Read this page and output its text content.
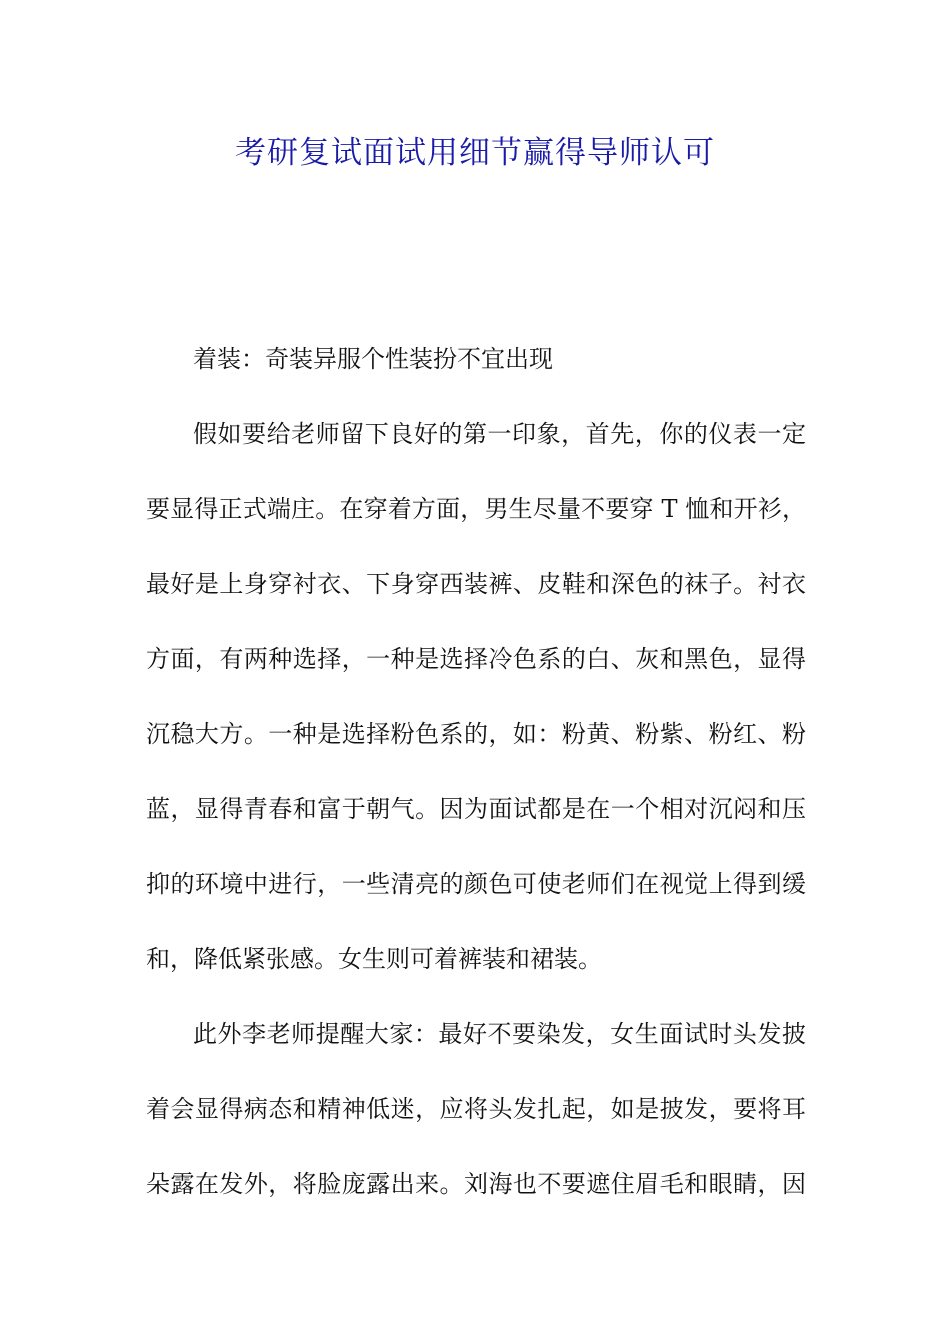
考研复试面试用细节赢得导师认可
着装：奇装异服个性装扮不宜出现
假如要给老师留下良好的第一印象，首先，你的仪表一定
要显得正式端庄。在穿着方面，男生尽量不要穿 T 恤和开衫，
最好是上身穿衬衣、下身穿西装裤、皮鞋和深色的袜子。衬衣
方面，有两种选择，一种是选择冷色系的白、灰和黑色，显得
沉稳大方。一种是选择粉色系的，如：粉黄、粉紫、粉红、粉
蓝，显得青春和富于朝气。因为面试都是在一个相对沉闷和压
抑的环境中进行，一些清亮的颜色可使老师们在视觉上得到缓
和，降低紧张感。女生则可着裤装和裙装。
此外李老师提醒大家：最好不要染发，女生面试时头发披
着会显得病态和精神低迷，应将头发扎起，如是披发，要将耳
朵露在发外，将脸庞露出来。刘海也不要遮住眉毛和眼睛，因
